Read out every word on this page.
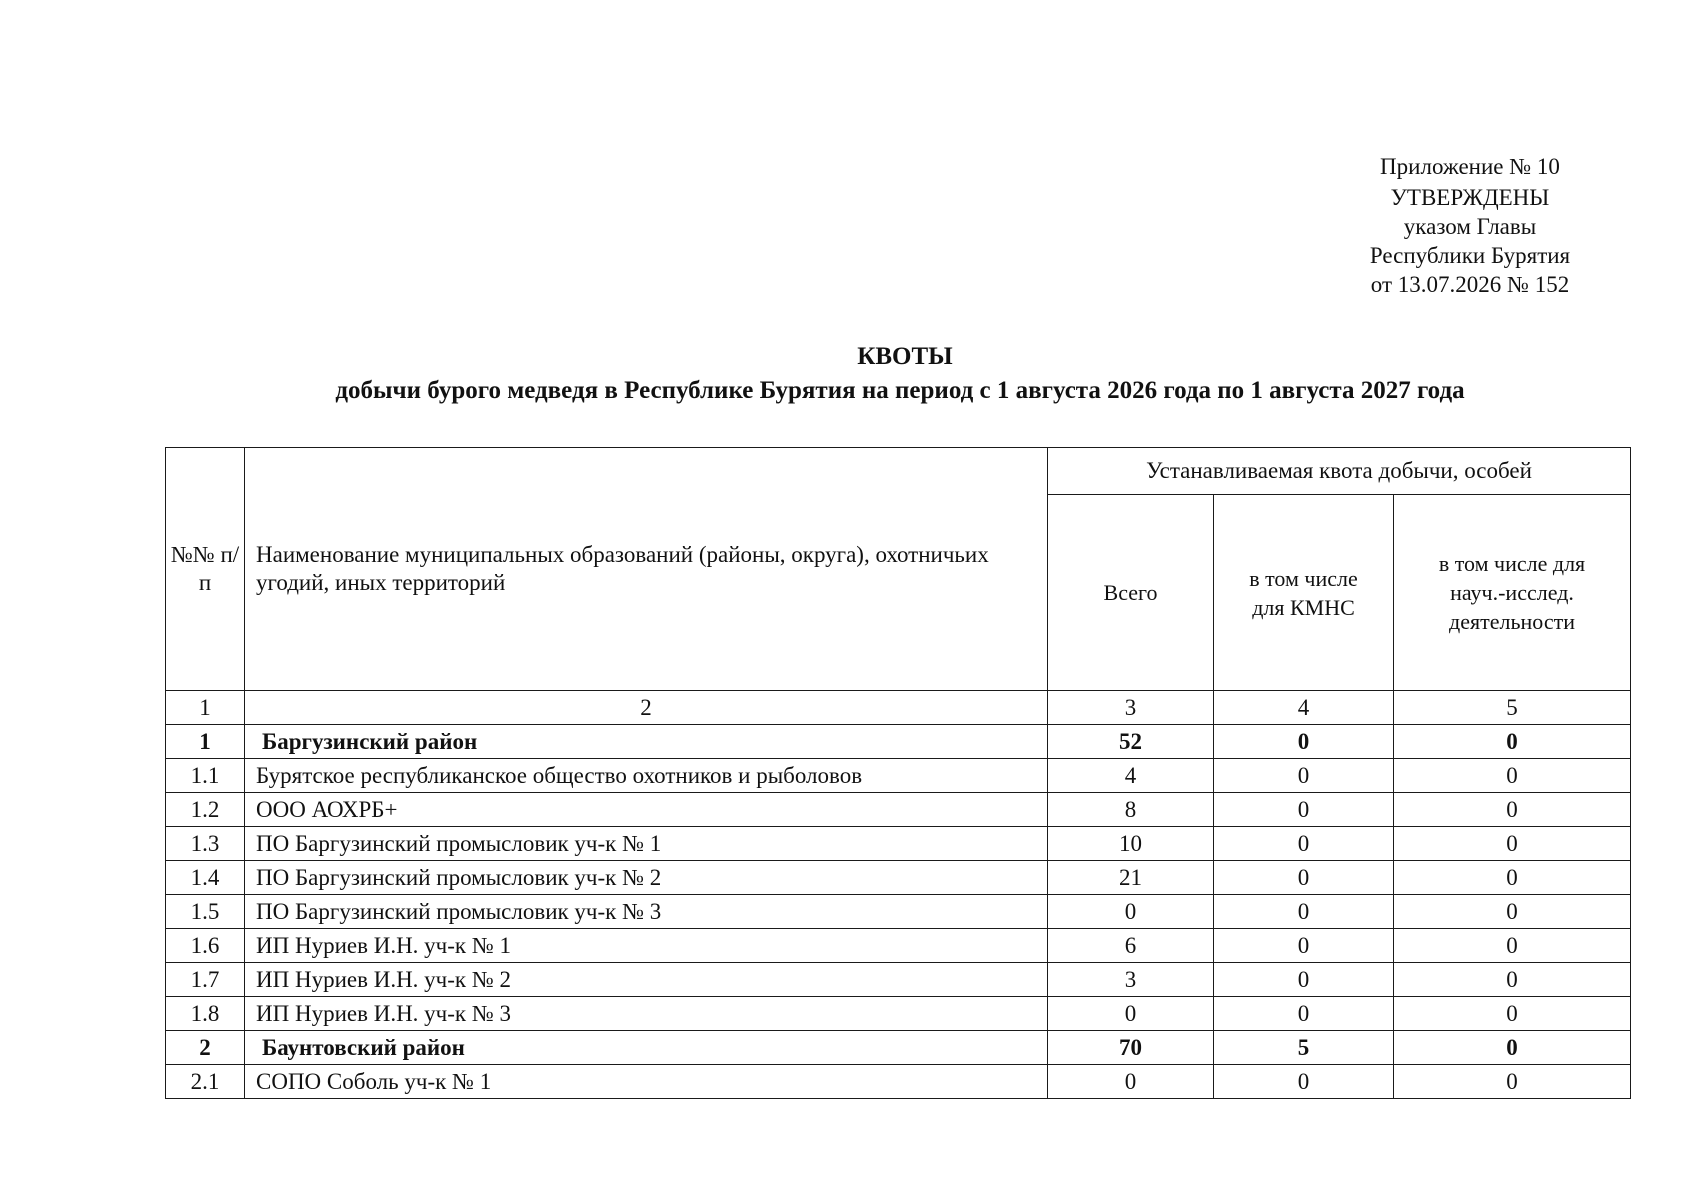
Приложение № 10
УТВЕРЖДЕНЫ
указом Главы
Республики Бурятия
от 13.07.2026 № 152
КВОТЫ
добычи бурого медведя в Республике Бурятия на период с 1 августа 2026 года по 1 августа 2027 года
№№ п/п	Наименование муниципальных образований (районы, округа), охотничьих угодий, иных территорий	Устанавливаемая квота добычи, особей		
		Всего	в том числе для КМНС	в том числе для науч.-исслед. деятельности

1	2	3	4	5
1	Баргузинский район	52	0	0
1.1	Бурятское республиканское общество охотников и рыболовов	4	0	0
1.2	ООО АОХРБ+	8	0	0
1.3	ПО Баргузинский промысловик уч-к № 1	10	0	0
1.4	ПО Баргузинский промысловик уч-к № 2	21	0	0
1.5	ПО Баргузинский промысловик уч-к № 3	0	0	0
1.6	ИП Нуриев И.Н. уч-к № 1	6	0	0
1.7	ИП Нуриев И.Н. уч-к № 2	3	0	0
1.8	ИП Нуриев И.Н. уч-к № 3	0	0	0
2	Баунтовский район	70	5	0
2.1	СОПО Соболь уч-к № 1	0	0	0
